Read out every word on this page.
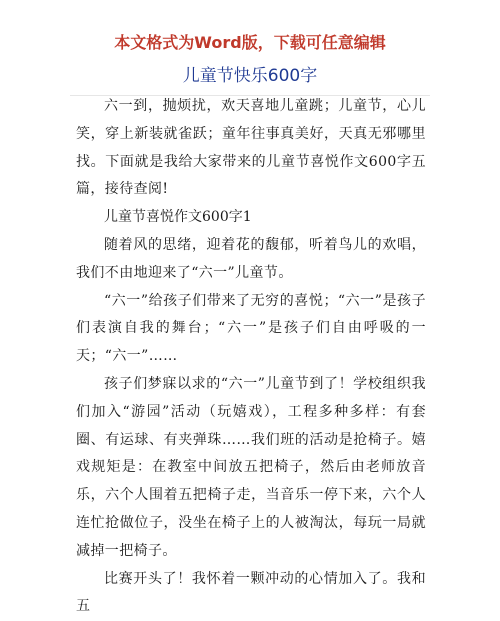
本文格式为Word版，下载可任意编辑
儿童节快乐600字

六一到，抛烦扰，欢天喜地儿童跳；儿童节，心儿笑，穿上新装就雀跃；童年往事真美好，天真无邪哪里找。下面就是我给大家带来的儿童节喜悦作文600字五篇，接待查阅!

儿童节喜悦作文600字1

随着风的思绪，迎着花的馥郁，听着鸟儿的欢唱，我们不由地迎来了“六一”儿童节。

“六一”给孩子们带来了无穷的喜悦；“六一”是孩子们表演自我的舞台；“六一”是孩子们自由呼吸的一天；“六一”……

孩子们梦寐以求的“六一”儿童节到了！学校组织我们加入“游园”活动（玩嬉戏），工程多种多样：有套圈、有运球、有夹弹珠……我们班的活动是抢椅子。嬉戏规矩是：在教室中间放五把椅子，然后由老师放音乐，六个人围着五把椅子走，当音乐一停下来，六个人连忙抢做位子，没坐在椅子上的人被淘汰，每玩一局就减掉一把椅子。

比赛开头了！我怀着一颗冲动的心情加入了。我和五
